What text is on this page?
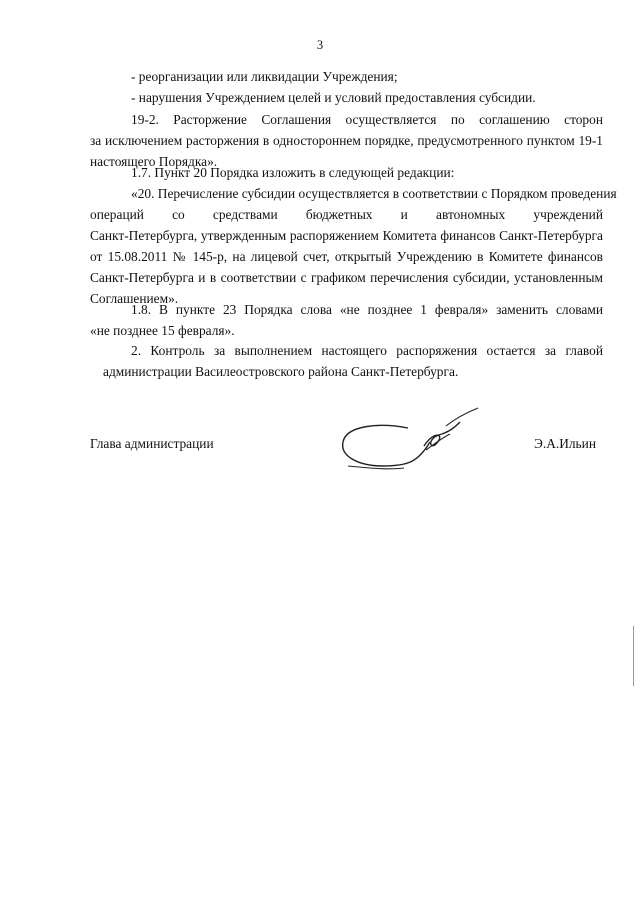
3
- реорганизации или ликвидации Учреждения;
- нарушения Учреждением целей и условий предоставления субсидии.
19-2. Расторжение Соглашения осуществляется по соглашению сторон
за исключением расторжения в одностороннем порядке, предусмотренного пунктом 19-1
настоящего Порядка».
1.7. Пункт 20 Порядка изложить в следующей редакции:
«20. Перечисление субсидии осуществляется в соответствии с Порядком проведения
операций со средствами бюджетных и автономных учреждений
Санкт-Петербурга, утвержденным распоряжением Комитета финансов Санкт-Петербурга
от 15.08.2011 № 145-р, на лицевой счет, открытый Учреждению в Комитете финансов
Санкт-Петербурга и в соответствии с графиком перечисления субсидии, установленным
Соглашением».
1.8. В пункте 23 Порядка слова «не позднее 1 февраля» заменить словами
«не позднее 15 февраля».
2. Контроль за выполнением настоящего распоряжения остается за главой
администрации Василеостровского района Санкт-Петербурга.
Глава администрации	Э.А.Ильин
